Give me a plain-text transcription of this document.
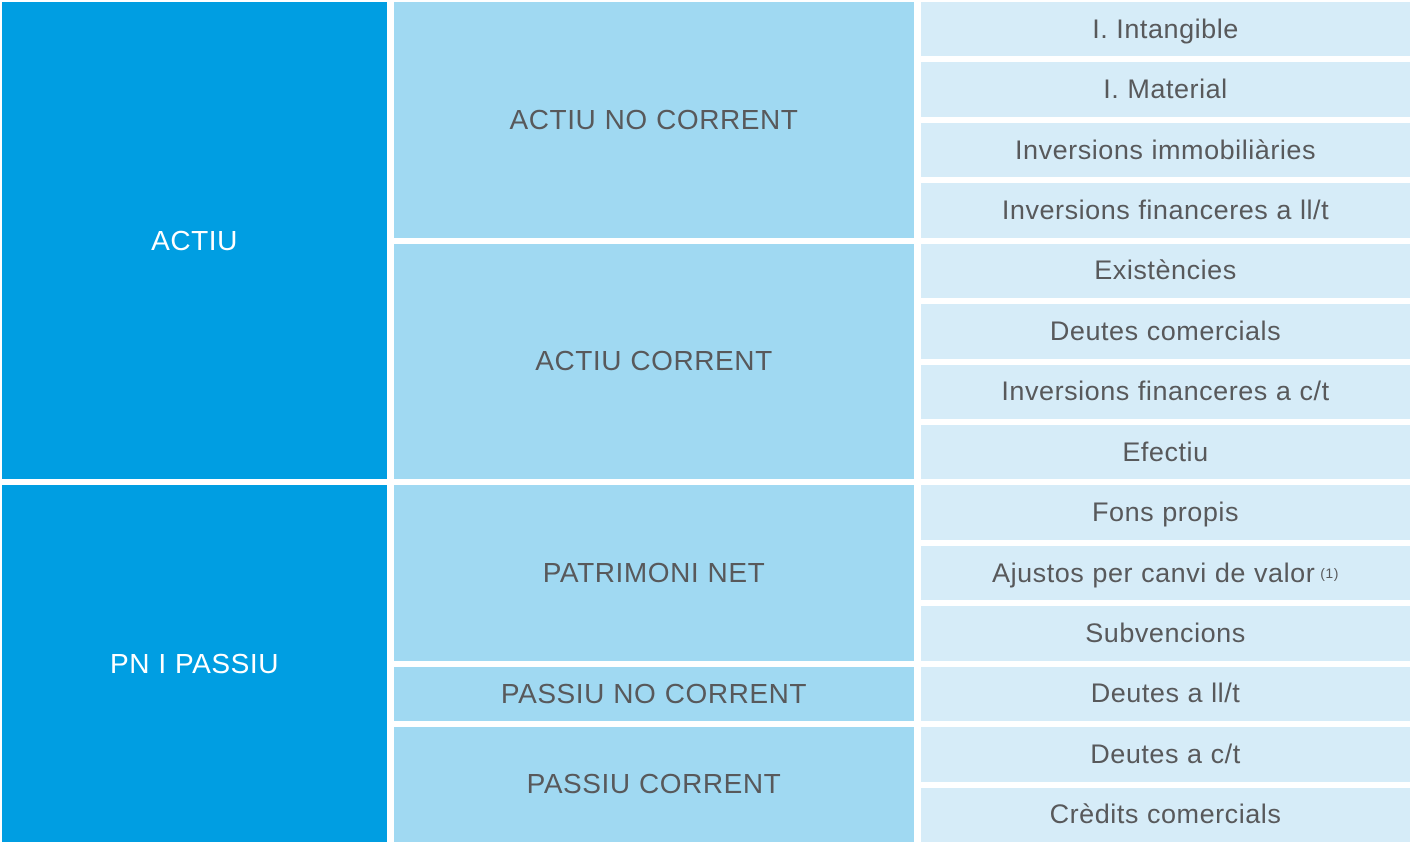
ACTIU
PN I PASSIU
ACTIU NO CORRENT
ACTIU CORRENT
PATRIMONI NET
PASSIU NO CORRENT
PASSIU CORRENT
I. Intangible
I. Material
Inversions immobiliàries
Inversions financeres a ll/t
Existències
Deutes comercials
Inversions financeres a c/t
Efectiu
Fons propis
Ajustos per canvi de valor (1)
Subvencions
Deutes a ll/t
Deutes a c/t
Crèdits comercials
